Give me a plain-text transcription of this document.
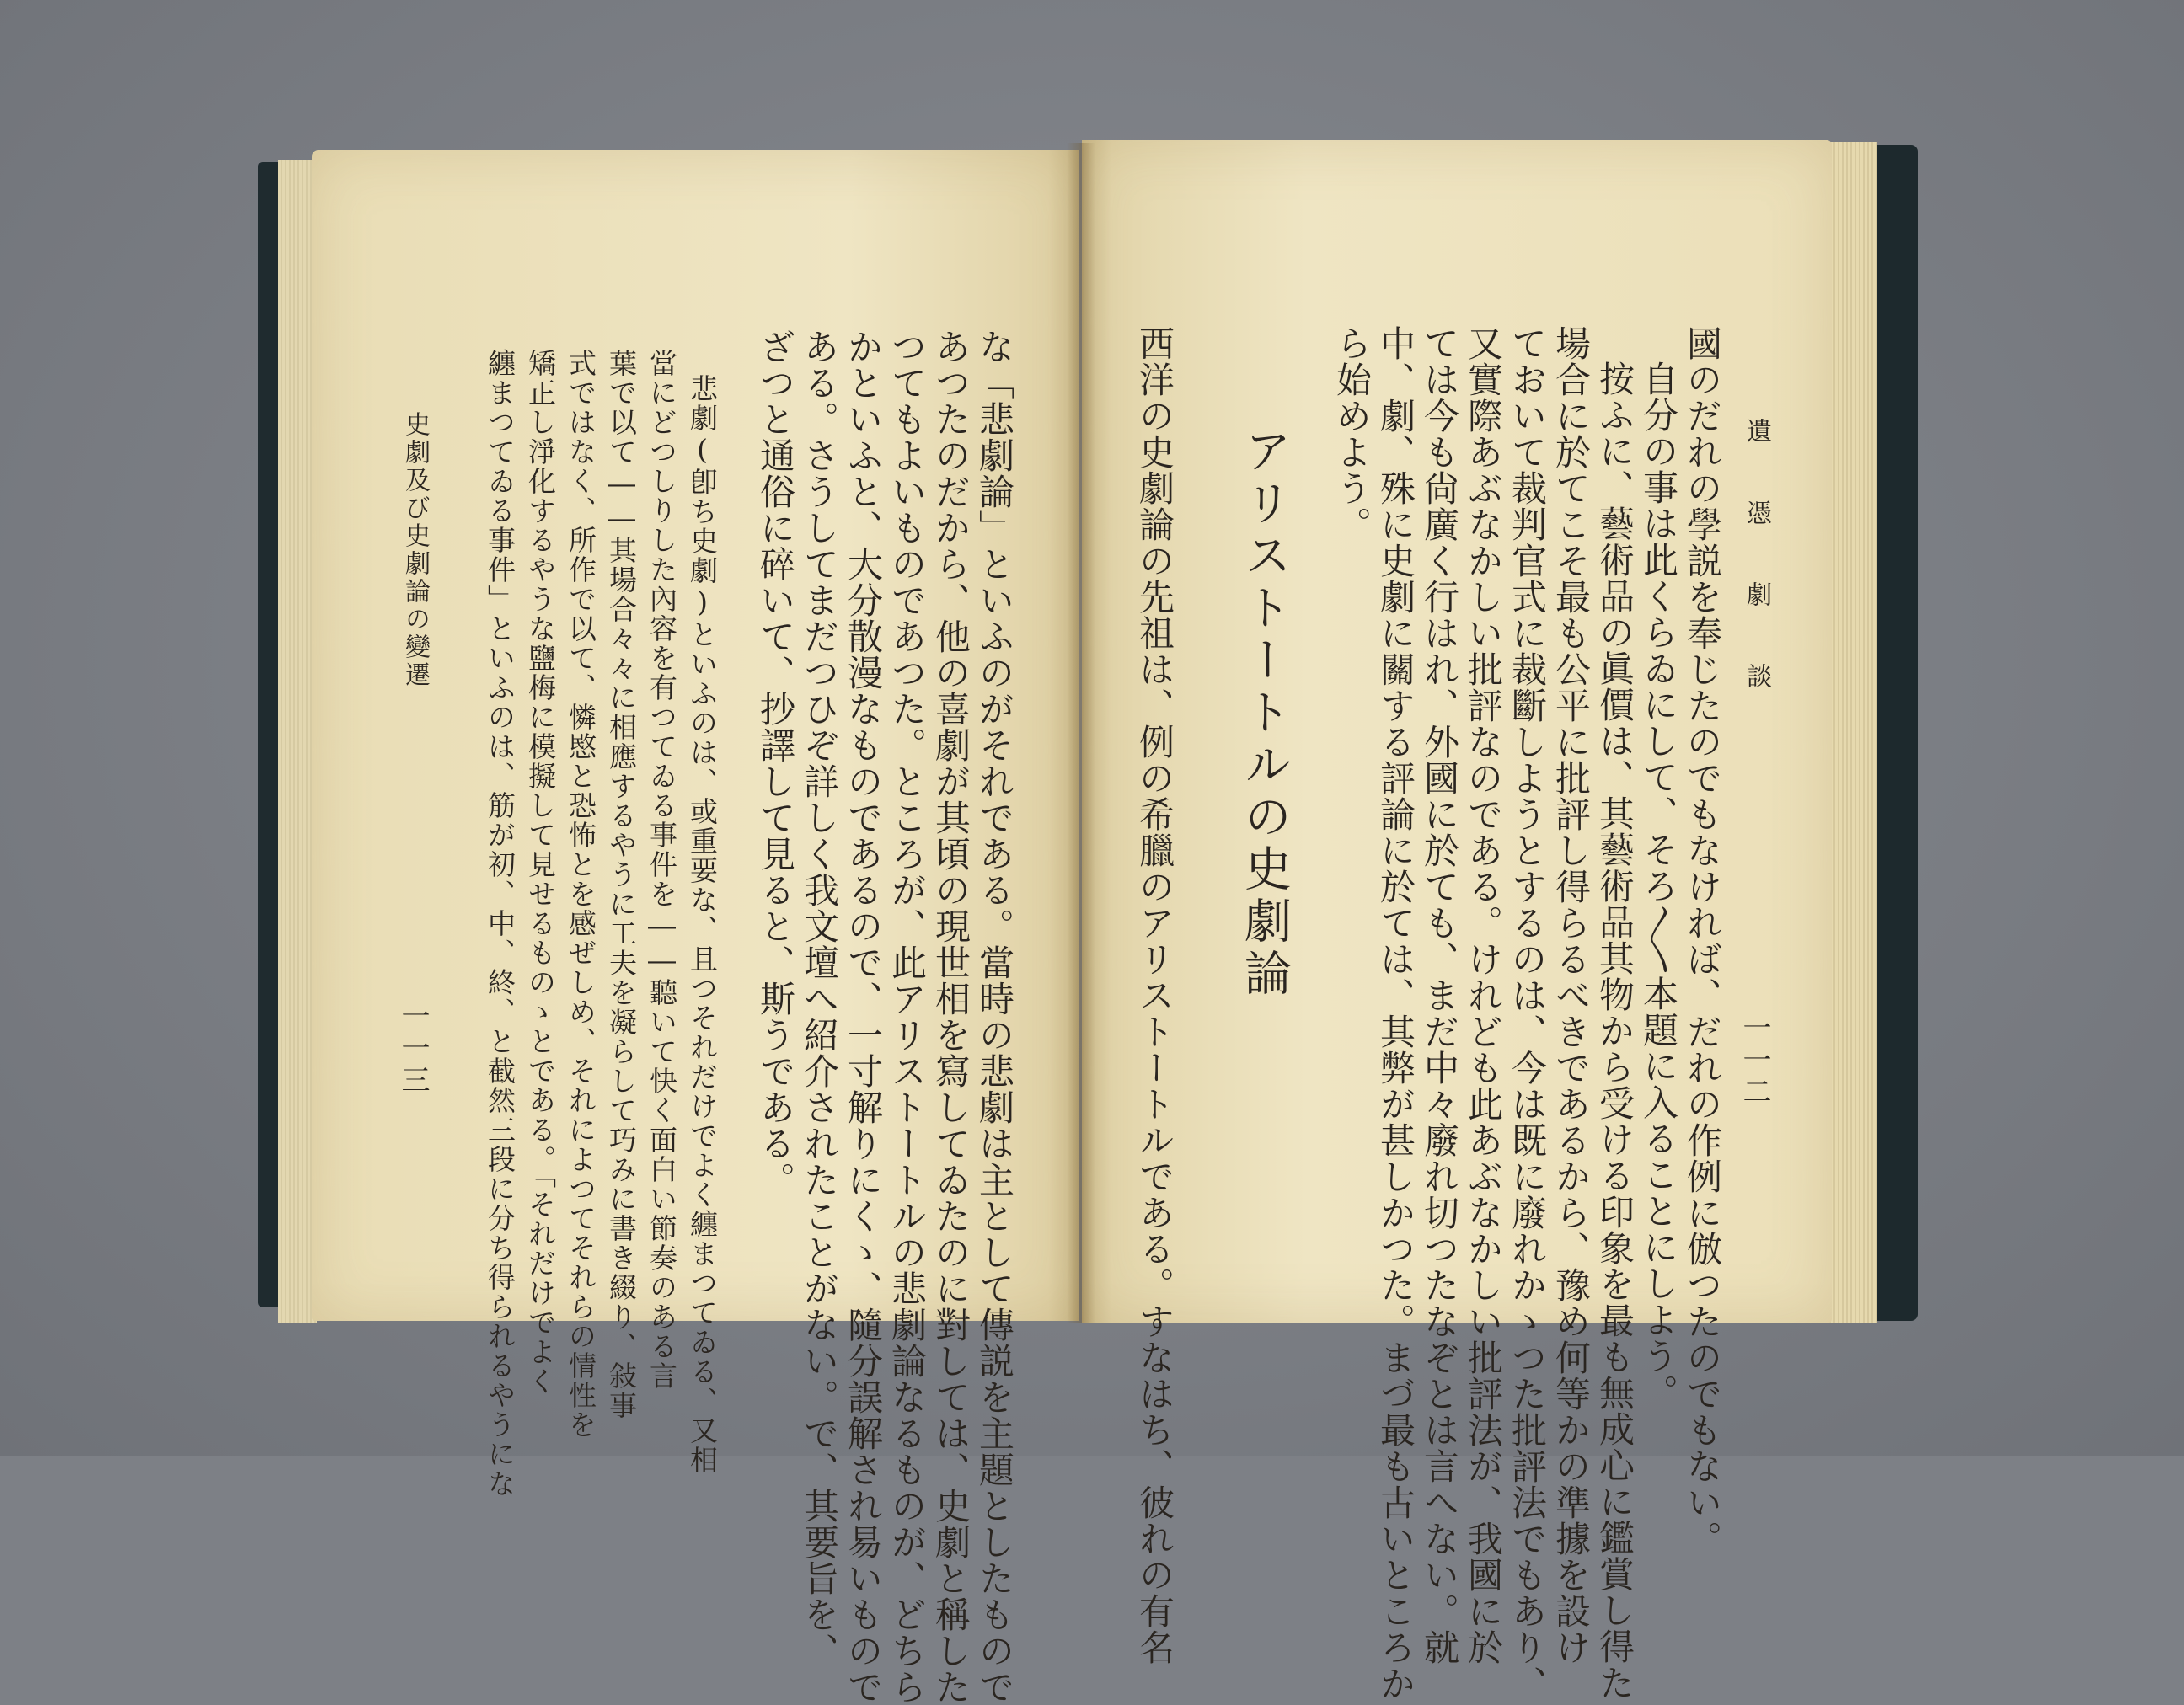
な「悲劇論」といふのがそれである。當時の悲劇は主として傳説を主題としたもので
あつたのだから、他の喜劇が其頃の現世相を寫してゐたのに對しては、史劇と稱した
つてもよいものであつた。ところが、此アリストートルの悲劇論なるものが、どちら
かといふと、大分散漫なものであるので、一寸解りにくゝ、隨分誤解され易いもので
ある。さうしてまだつひぞ詳しく我文壇へ紹介されたことがない。で、其要旨を、
ざつと通俗に碎いて、抄譯して見ると、斯うである。
悲劇(卽ち史劇)といふのは、或重要な、且つそれだけでよく纏まつてゐる、又相
當にどつしりした內容を有つてゐる事件を――聽いて快く面白い節奏のある言
葉で以て――其場合々々に相應するやうに工夫を凝らして巧みに書き綴り、敍事
式ではなく、所作で以て、憐愍と恐怖とを感ぜしめ、それによつてそれらの情性を
矯正し淨化するやうな鹽梅に模擬して見せるものゝとである。「それだけでよく
纏まつてゐる事件」といふのは、筋が初、中、終、と截然三段に分ち得られるやうにな
史劇及び史劇論の變遷
一一三
遺 憑 劇 談
一一二
國のだれの學説を奉じたのでもなければ、だれの作例に倣つたのでもない。
自分の事は此くらゐにして、そろ〳〵本題に入ることにしよう。
按ふに、藝術品の眞價は、其藝術品其物から受ける印象を最も無成心に鑑賞し得た
場合に於てこそ最も公平に批評し得らるべきであるから、豫め何等かの準據を設け
ておいて裁判官式に裁斷しようとするのは、今は既に廢れかゝつた批評法でもあり、
又實際あぶなかしい批評なのである。けれども此あぶなかしい批評法が、我國に於
ては今も尙廣く行はれ、外國に於ても、まだ中々廢れ切つたなぞとは言へない。就
中、劇、殊に史劇に關する評論に於ては、其弊が甚しかつた。まづ最も古いところか
ら始めよう。
アリストートルの史劇論
西洋の史劇論の先祖は、例の希臘のアリストートルである。すなはち、彼れの有名
